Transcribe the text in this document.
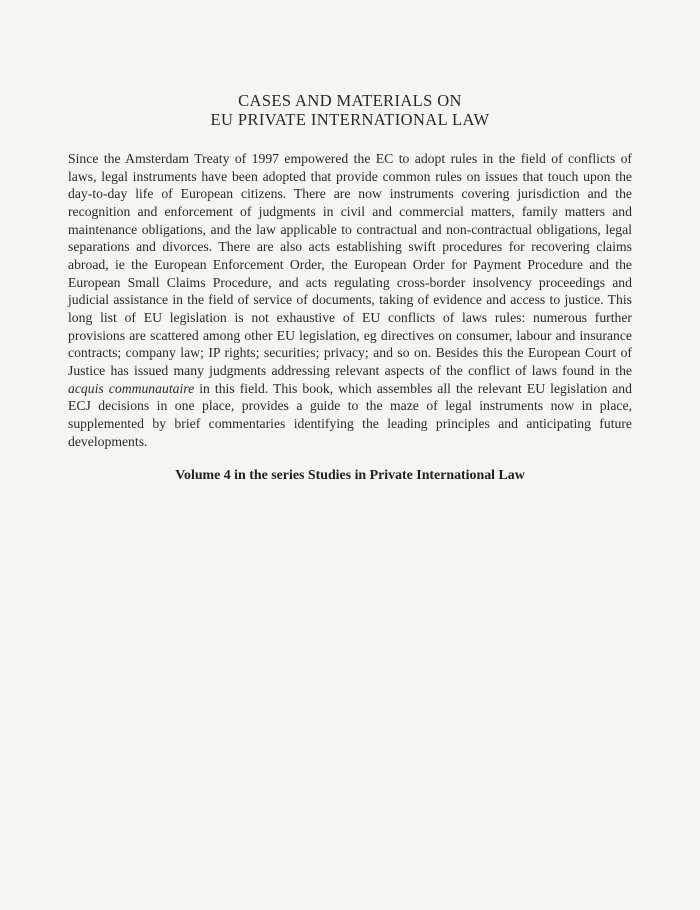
CASES AND MATERIALS ON
EU PRIVATE INTERNATIONAL LAW

Since the Amsterdam Treaty of 1997 empowered the EC to adopt rules in the field of conflicts of laws, legal instruments have been adopted that provide common rules on issues that touch upon the day-to-day life of European citizens. There are now instruments covering jurisdiction and the recognition and enforcement of judgments in civil and commercial matters, family matters and maintenance obligations, and the law applicable to contractual and non-contractual obligations, legal separations and divorces. There are also acts establishing swift procedures for recovering claims abroad, ie the European Enforcement Order, the European Order for Payment Procedure and the European Small Claims Procedure, and acts regulating cross-border insolvency proceedings and judicial assistance in the field of service of documents, taking of evidence and access to justice. This long list of EU legislation is not exhaustive of EU conflicts of laws rules: numerous further provisions are scattered among other EU legislation, eg directives on consumer, labour and insurance contracts; company law; IP rights; securities; privacy; and so on. Besides this the European Court of Justice has issued many judgments addressing relevant aspects of the conflict of laws found in the acquis communautaire in this field. This book, which assembles all the relevant EU legislation and ECJ decisions in one place, provides a guide to the maze of legal instruments now in place, supplemented by brief commentaries identifying the leading principles and anticipating future developments.

Volume 4 in the series Studies in Private International Law
